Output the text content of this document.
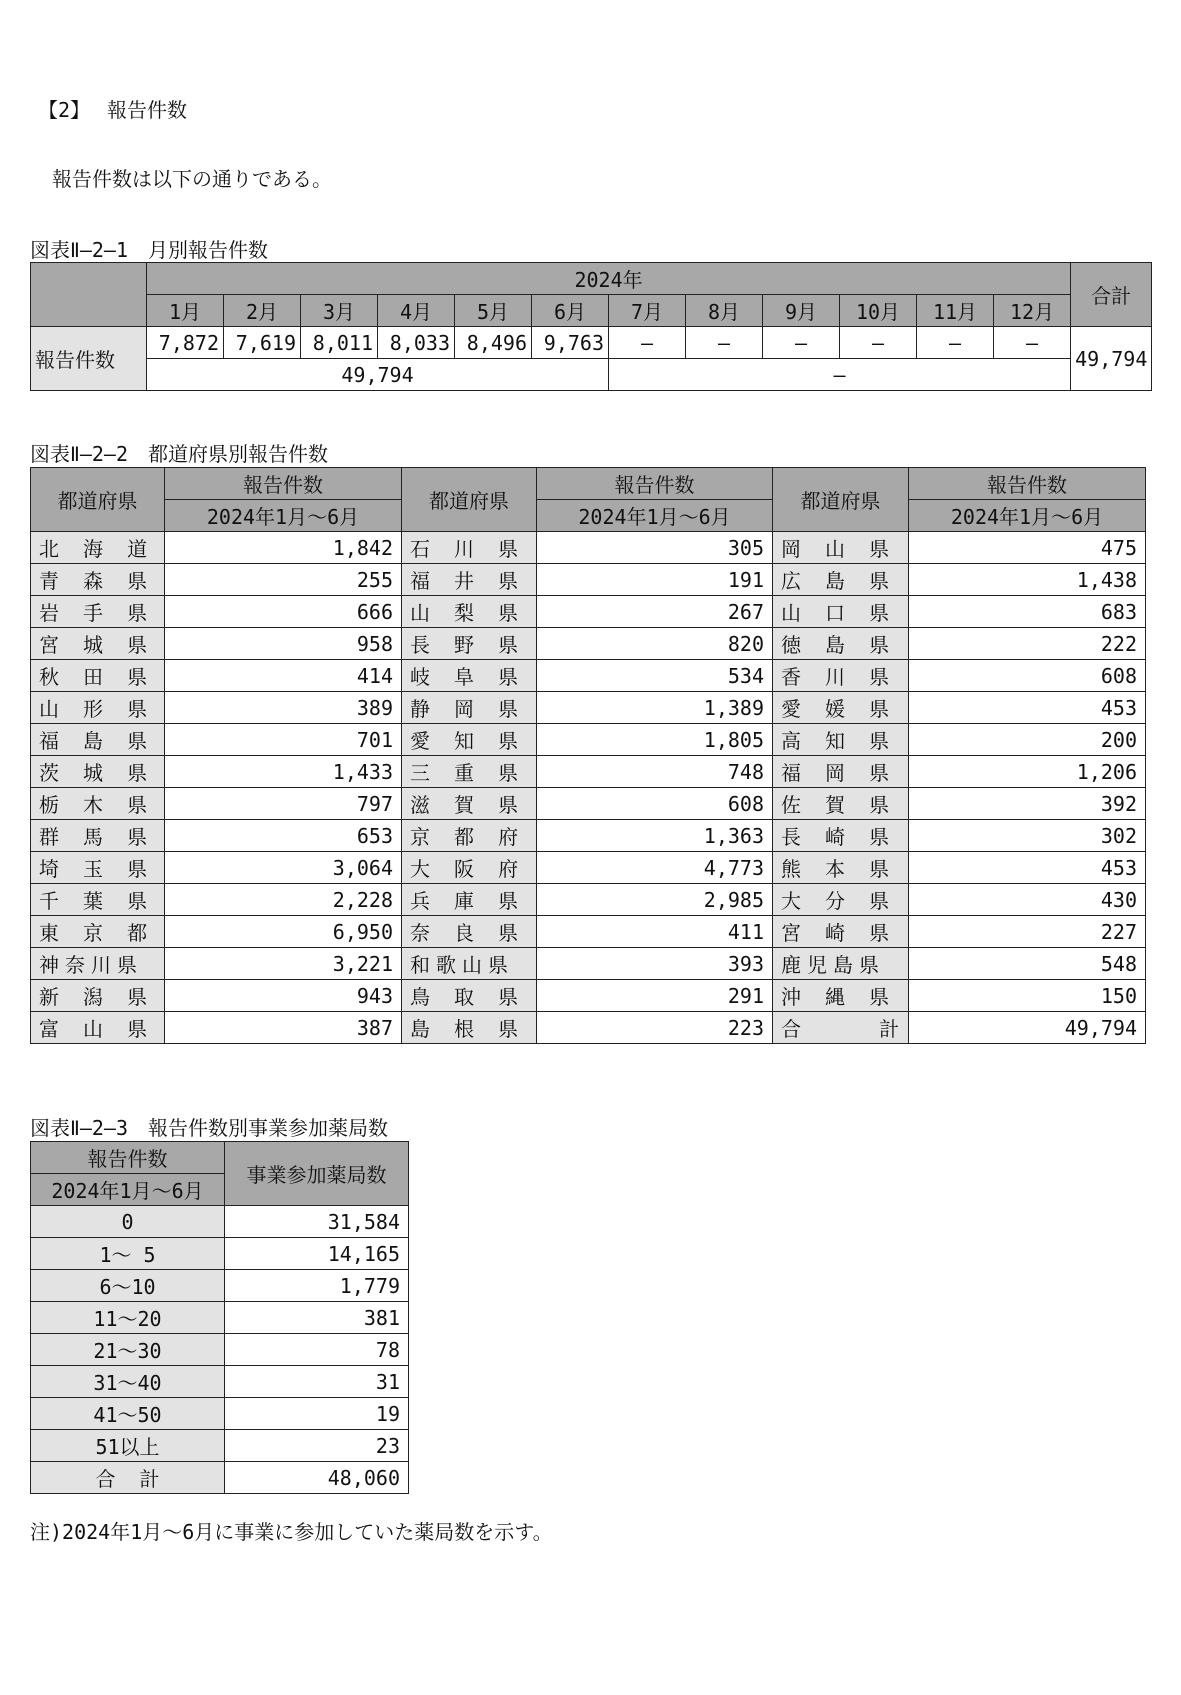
【2】 報告件数
報告件数は以下の通りである。
図表Ⅱ―2―1　月別報告件数
	2024年												合計
	1月	2月	3月	4月	5月	6月	7月	8月	9月	10月	11月	12月	
報告件数	7,872	7,619	8,011	8,033	8,496	9,763	―	―	―	―	―	―	49,794
	49,794						―						
図表Ⅱ―2―2　都道府県別報告件数
都道府県	報告件数	都道府県	報告件数	都道府県	報告件数
	2024年1月～6月		2024年1月～6月		2024年1月～6月
北 海 道	1,842	石 川 県	305	岡 山 県	475
青 森 県	255	福 井 県	191	広 島 県	1,438
岩 手 県	666	山 梨 県	267	山 口 県	683
宮 城 県	958	長 野 県	820	徳 島 県	222
秋 田 県	414	岐 阜 県	534	香 川 県	608
山 形 県	389	静 岡 県	1,389	愛 媛 県	453
福 島 県	701	愛 知 県	1,805	高 知 県	200
茨 城 県	1,433	三 重 県	748	福 岡 県	1,206
栃 木 県	797	滋 賀 県	608	佐 賀 県	392
群 馬 県	653	京 都 府	1,363	長 崎 県	302
埼 玉 県	3,064	大 阪 府	4,773	熊 本 県	453
千 葉 県	2,228	兵 庫 県	2,985	大 分 県	430
東 京 都	6,950	奈 良 県	411	宮 崎 県	227
神奈川県	3,221	和歌山県	393	鹿児島県	548
新 潟 県	943	鳥 取 県	291	沖 縄 県	150
富 山 県	387	島 根 県	223	合    計	49,794
図表Ⅱ―2―3　報告件数別事業参加薬局数
報告件数	事業参加薬局数
2024年1月～6月	
0	31,584
1～ 5	14,165
6～10	1,779
11～20	381
21～30	78
31～40	31
41～50	19
51以上	23
合  計	48,060
注)2024年1月～6月に事業に参加していた薬局数を示す。
